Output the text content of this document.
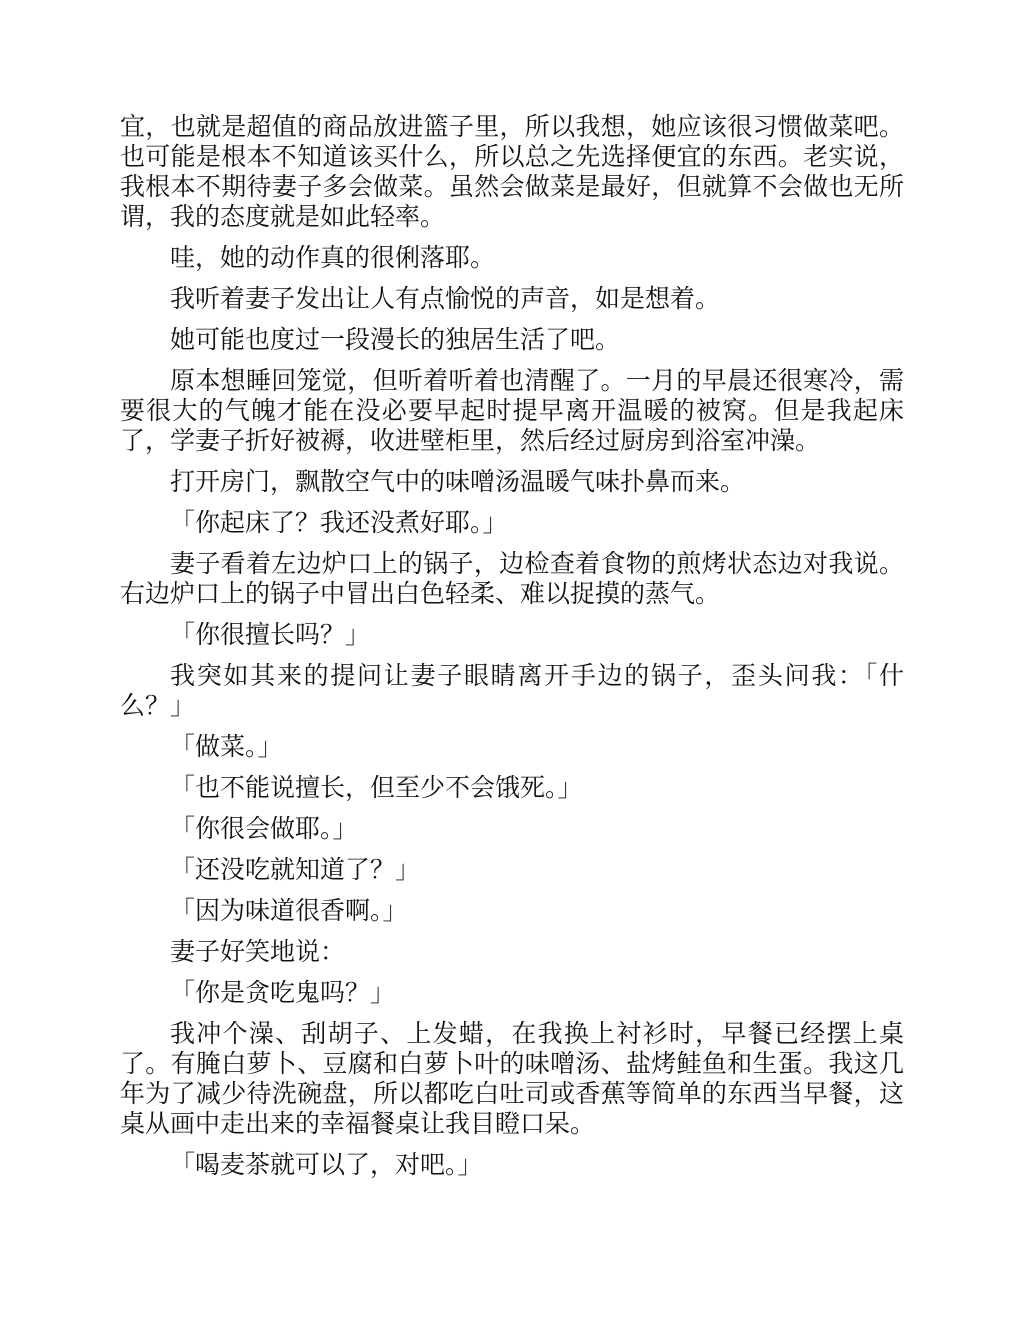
宜，也就是超值的商品放进篮子里，所以我想，她应该很习惯做菜吧。也可能是根本不知道该买什么，所以总之先选择便宜的东西。老实说，我根本不期待妻子多会做菜。虽然会做菜是最好，但就算不会做也无所谓，我的态度就是如此轻率。

哇，她的动作真的很俐落耶。

我听着妻子发出让人有点愉悦的声音，如是想着。

她可能也度过一段漫长的独居生活了吧。

原本想睡回笼觉，但听着听着也清醒了。一月的早晨还很寒冷，需要很大的气魄才能在没必要早起时提早离开温暖的被窝。但是我起床了，学妻子折好被褥，收进壁柜里，然后经过厨房到浴室冲澡。

打开房门，飘散空气中的味噌汤温暖气味扑鼻而来。

「你起床了？我还没煮好耶。」

妻子看着左边炉口上的锅子，边检查着食物的煎烤状态边对我说。右边炉口上的锅子中冒出白色轻柔、难以捉摸的蒸气。

「你很擅长吗？」

我突如其来的提问让妻子眼睛离开手边的锅子，歪头问我：「什么？」

「做菜。」

「也不能说擅长，但至少不会饿死。」

「你很会做耶。」

「还没吃就知道了？」

「因为味道很香啊。」

妻子好笑地说：

「你是贪吃鬼吗？」

我冲个澡、刮胡子、上发蜡，在我换上衬衫时，早餐已经摆上桌了。有腌白萝卜、豆腐和白萝卜叶的味噌汤、盐烤鲑鱼和生蛋。我这几年为了减少待洗碗盘，所以都吃白吐司或香蕉等简单的东西当早餐，这桌从画中走出来的幸福餐桌让我目瞪口呆。

「喝麦茶就可以了，对吧。」
